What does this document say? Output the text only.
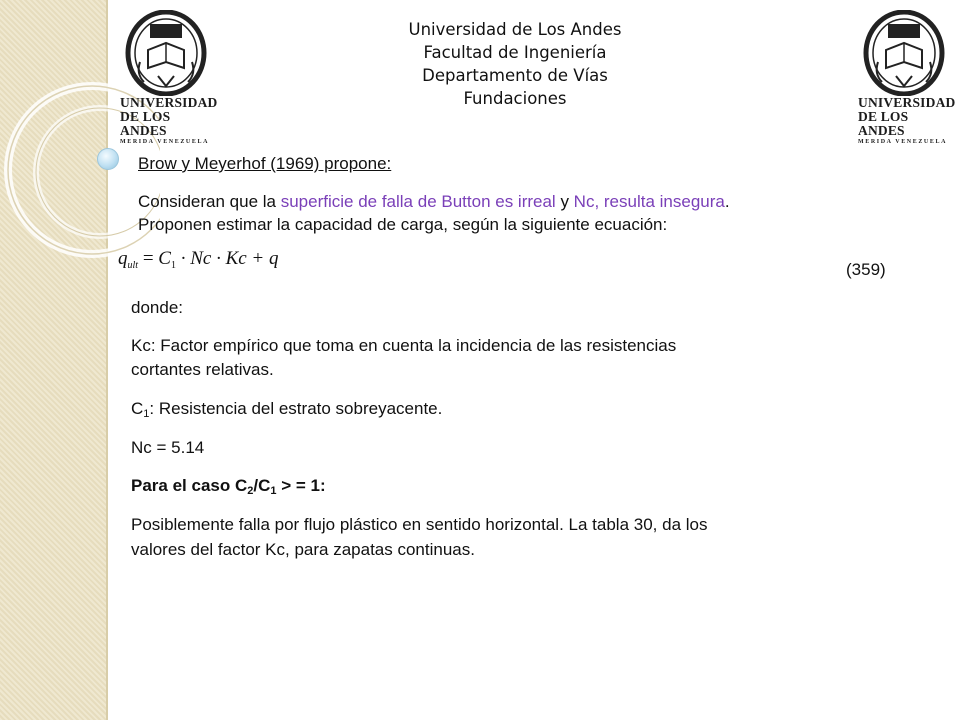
UNIVERSIDAD
DE LOS ANDES
MERIDA VENEZUELA
UNIVERSIDAD
DE LOS ANDES
MERIDA VENEZUELA
Universidad de Los Andes
Facultad de Ingeniería
Departamento de Vías
Fundaciones
Brow y Meyerhof (1969) propone:
Consideran que la superficie de falla de Button es irreal y Nc, resulta insegura.
Proponen estimar la capacidad de carga, según la siguiente ecuación:
$q_{ult} = C_1 \cdot Nc \cdot Kc + q$
(359)
donde:
Kc: Factor empírico que toma en cuenta la incidencia de las resistencias
cortantes relativas.
$C_1$: Resistencia del estrato sobreyacente.
Nc = 5.14
Para el caso $C_2/C_1$ > = 1:
Posiblemente falla por flujo plástico en sentido horizontal. La tabla 30, da los
valores del factor Kc, para zapatas continuas.
